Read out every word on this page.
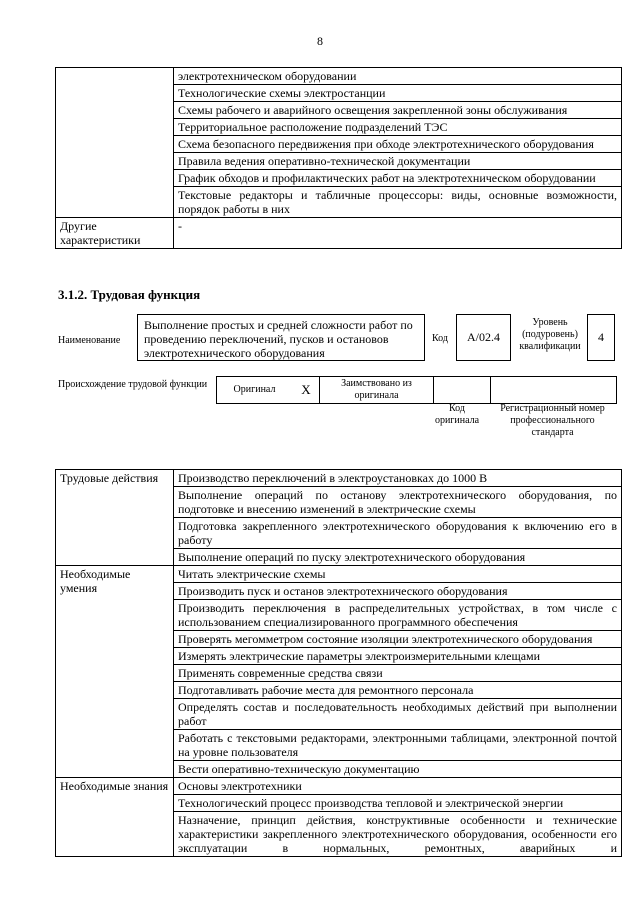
8
	электротехническом оборудовании
	Технологические схемы электростанции
	Схемы рабочего и аварийного освещения закрепленной зоны обслуживания
	Территориальное расположение подразделений ТЭС
	Схема безопасного передвижения при обходе электротехнического оборудования
	Правила ведения оперативно-технической документации
	График обходов и профилактических работ на электротехническом оборудовании
	Текстовые редакторы и табличные процессоры: виды, основные возможности, порядок работы в них
Другие характеристики	-
3.1.2. Трудовая функция
Наименование
Выполнение простых и средней сложности работ по проведению переключений, пусков и остановов электротехнического оборудования
Код A/02.4
Уровень (подуровень) квалификации
4
Происхождение трудовой функции	Оригинал	X	Заимствовано из оригинала
Код оригинала
Регистрационный номер профессионального стандарта
Трудовые действия	Производство переключений в электроустановках до 1000 В
	Выполнение операций по останову электротехнического оборудования, по подготовке и внесению изменений в электрические схемы
	Подготовка закрепленного электротехнического оборудования к включению его в работу
	Выполнение операций по пуску электротехнического оборудования
Необходимые умения	Читать электрические схемы
	Производить пуск и останов электротехнического оборудования
	Производить переключения в распределительных устройствах, в том числе с использованием специализированного программного обеспечения
	Проверять мегомметром состояние изоляции электротехнического оборудования
	Измерять электрические параметры электроизмерительными клещами
	Применять современные средства связи
	Подготавливать рабочие места для ремонтного персонала
	Определять состав и последовательность необходимых действий при выполнении работ
	Работать с текстовыми редакторами, электронными таблицами, электронной почтой на уровне пользователя
	Вести оперативно-техническую документацию
Необходимые знания	Основы электротехники
	Технологический процесс производства тепловой и электрической энергии
	Назначение, принцип действия, конструктивные особенности и технические характеристики закрепленного электротехнического оборудования, особенности его эксплуатации в нормальных, ремонтных, аварийных и
